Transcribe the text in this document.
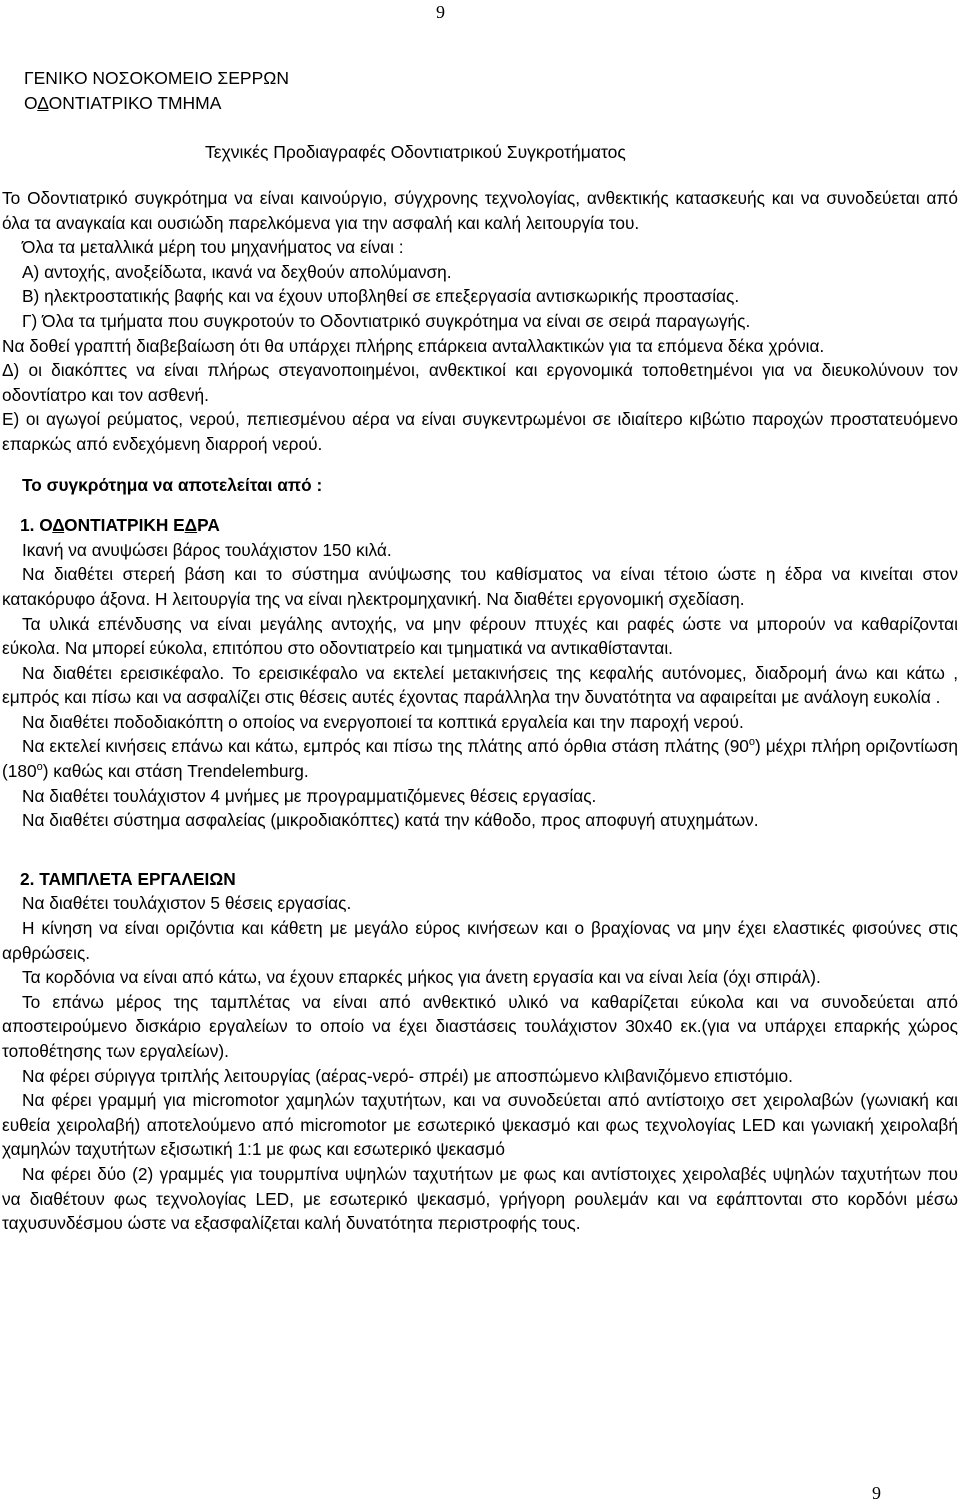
9
ΓΕΝΙΚΟ ΝΟΣΟΚΟΜΕΙΟ ΣΕΡΡΩΝ
ΟΔΟΝΤΙΑΤΡΙΚΟ ΤΜΗΜΑ
Τεχνικές Προδιαγραφές Οδοντιατρικού Συγκροτήματος

Το Οδοντιατρικό συγκρότημα να είναι καινούργιο, σύγχρονης τεχνολογίας, ανθεκτικής κατασκευής και να συνοδεύεται από όλα τα αναγκαία και ουσιώδη παρελκόμενα για την ασφαλή και καλή λειτουργία του.

Όλα τα μεταλλικά μέρη του μηχανήματος να είναι :

Α) αντοχής, ανοξείδωτα, ικανά να δεχθούν απολύμανση.

Β) ηλεκτροστατικής βαφής και να έχουν υποβληθεί σε επεξεργασία αντισκωρικής προστασίας.

Γ) Όλα τα τμήματα που συγκροτούν το Οδοντιατρικό συγκρότημα να είναι σε σειρά παραγωγής.

Να δοθεί γραπτή διαβεβαίωση ότι θα υπάρχει πλήρης επάρκεια ανταλλακτικών για τα επόμενα δέκα χρόνια.

Δ) οι διακόπτες να είναι πλήρως στεγανοποιημένοι, ανθεκτικοί και εργονομικά τοποθετημένοι για να διευκολύνουν τον οδοντίατρο και τον ασθενή.

Ε) οι αγωγοί ρεύματος, νερού, πεπιεσμένου αέρα να είναι συγκεντρωμένοι σε ιδιαίτερο κιβώτιο παροχών προστατευόμενο επαρκώς από ενδεχόμενη διαρροή νερού.

Το συγκρότημα να αποτελείται από :

1. ΟΔΟΝΤΙΑΤΡΙΚΗ ΕΔΡΑ

Ικανή να ανυψώσει βάρος τουλάχιστον 150 κιλά.

Να διαθέτει στερεή βάση και το σύστημα ανύψωσης του καθίσματος να είναι τέτοιο ώστε η έδρα να κινείται στον κατακόρυφο άξονα. Η λειτουργία της να είναι ηλεκτρομηχανική. Να διαθέτει εργονομική σχεδίαση.

Τα υλικά επένδυσης να είναι μεγάλης αντοχής, να μην φέρουν πτυχές και ραφές ώστε να μπορούν να καθαρίζονται εύκολα. Να μπορεί εύκολα, επιτόπου στο οδοντιατρείο και τμηματικά να αντικαθίστανται.

Να διαθέτει ερεισικέφαλο. Το ερεισικέφαλο να εκτελεί μετακινήσεις της κεφαλής αυτόνομες, διαδρομή άνω και κάτω , εμπρός και πίσω και να ασφαλίζει στις θέσεις αυτές έχοντας παράλληλα την δυνατότητα να αφαιρείται με ανάλογη ευκολία .

Να διαθέτει ποδοδιακόπτη ο οποίος να ενεργοποιεί τα κοπτικά εργαλεία και την παροχή νερού.

Να εκτελεί κινήσεις επάνω και κάτω, εμπρός και πίσω της πλάτης από όρθια στάση πλάτης $(90^o)$ μέχρι πλήρη οριζοντίωση $(180^o)$ καθώς και στάση Trendelemburg.

Να διαθέτει τουλάχιστον 4 μνήμες με προγραμματιζόμενες θέσεις εργασίας.

Να διαθέτει σύστημα ασφαλείας (μικροδιακόπτες) κατά την κάθοδο, προς αποφυγή ατυχημάτων.

2. ΤΑΜΠΛΕΤΑ ΕΡΓΑΛΕΙΩΝ

Να διαθέτει τουλάχιστον 5 θέσεις εργασίας.

Η κίνηση να είναι οριζόντια και κάθετη με μεγάλο εύρος κινήσεων και ο βραχίονας να μην έχει ελαστικές φισούνες στις αρθρώσεις.

Τα κορδόνια να είναι από κάτω, να έχουν επαρκές μήκος για άνετη εργασία και να είναι λεία (όχι σπιράλ).

Το επάνω μέρος της ταμπλέτας να είναι από ανθεκτικό υλικό να καθαρίζεται εύκολα και να συνοδεύεται από αποστειρούμενο δισκάριο εργαλείων το οποίο να έχει διαστάσεις τουλάχιστον 30x40 εκ.(για να υπάρχει επαρκής χώρος τοποθέτησης των εργαλείων).

Να φέρει σύριγγα τριπλής λειτουργίας (αέρας-νερό- σπρέι) με αποσπώμενο κλιβανιζόμενο επιστόμιο.

Να φέρει γραμμή για micromotor χαμηλών ταχυτήτων, και να συνοδεύεται από αντίστοιχο σετ χειρολαβών (γωνιακή και ευθεία χειρολαβή) αποτελούμενο από micromotor με εσωτερικό ψεκασμό και φως τεχνολογίας LED και γωνιακή χειρολαβή χαμηλών ταχυτήτων εξισωτική 1:1 με φως και εσωτερικό ψεκασμό

Να φέρει δύο (2) γραμμές για τουρμπίνα υψηλών ταχυτήτων με φως και αντίστοιχες χειρολαβές υψηλών ταχυτήτων που να διαθέτουν φως τεχνολογίας LED, με εσωτερικό ψεκασμό, γρήγορη ρουλεμάν και να εφάπτονται στο κορδόνι μέσω ταχυσυνδέσμου ώστε να εξασφαλίζεται καλή δυνατότητα περιστροφής τους.

9
